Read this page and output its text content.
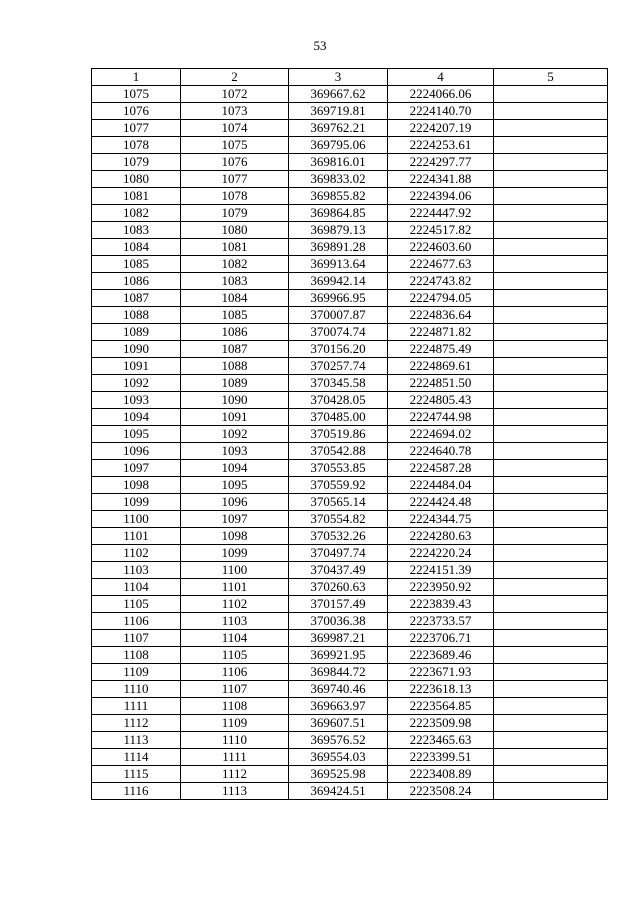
53
1	2	3	4	5
1075	1072	369667.62	2224066.06	
1076	1073	369719.81	2224140.70	
1077	1074	369762.21	2224207.19	
1078	1075	369795.06	2224253.61	
1079	1076	369816.01	2224297.77	
1080	1077	369833.02	2224341.88	
1081	1078	369855.82	2224394.06	
1082	1079	369864.85	2224447.92	
1083	1080	369879.13	2224517.82	
1084	1081	369891.28	2224603.60	
1085	1082	369913.64	2224677.63	
1086	1083	369942.14	2224743.82	
1087	1084	369966.95	2224794.05	
1088	1085	370007.87	2224836.64	
1089	1086	370074.74	2224871.82	
1090	1087	370156.20	2224875.49	
1091	1088	370257.74	2224869.61	
1092	1089	370345.58	2224851.50	
1093	1090	370428.05	2224805.43	
1094	1091	370485.00	2224744.98	
1095	1092	370519.86	2224694.02	
1096	1093	370542.88	2224640.78	
1097	1094	370553.85	2224587.28	
1098	1095	370559.92	2224484.04	
1099	1096	370565.14	2224424.48	
1100	1097	370554.82	2224344.75	
1101	1098	370532.26	2224280.63	
1102	1099	370497.74	2224220.24	
1103	1100	370437.49	2224151.39	
1104	1101	370260.63	2223950.92	
1105	1102	370157.49	2223839.43	
1106	1103	370036.38	2223733.57	
1107	1104	369987.21	2223706.71	
1108	1105	369921.95	2223689.46	
1109	1106	369844.72	2223671.93	
1110	1107	369740.46	2223618.13	
1111	1108	369663.97	2223564.85	
1112	1109	369607.51	2223509.98	
1113	1110	369576.52	2223465.63	
1114	1111	369554.03	2223399.51	
1115	1112	369525.98	2223408.89	
1116	1113	369424.51	2223508.24	
